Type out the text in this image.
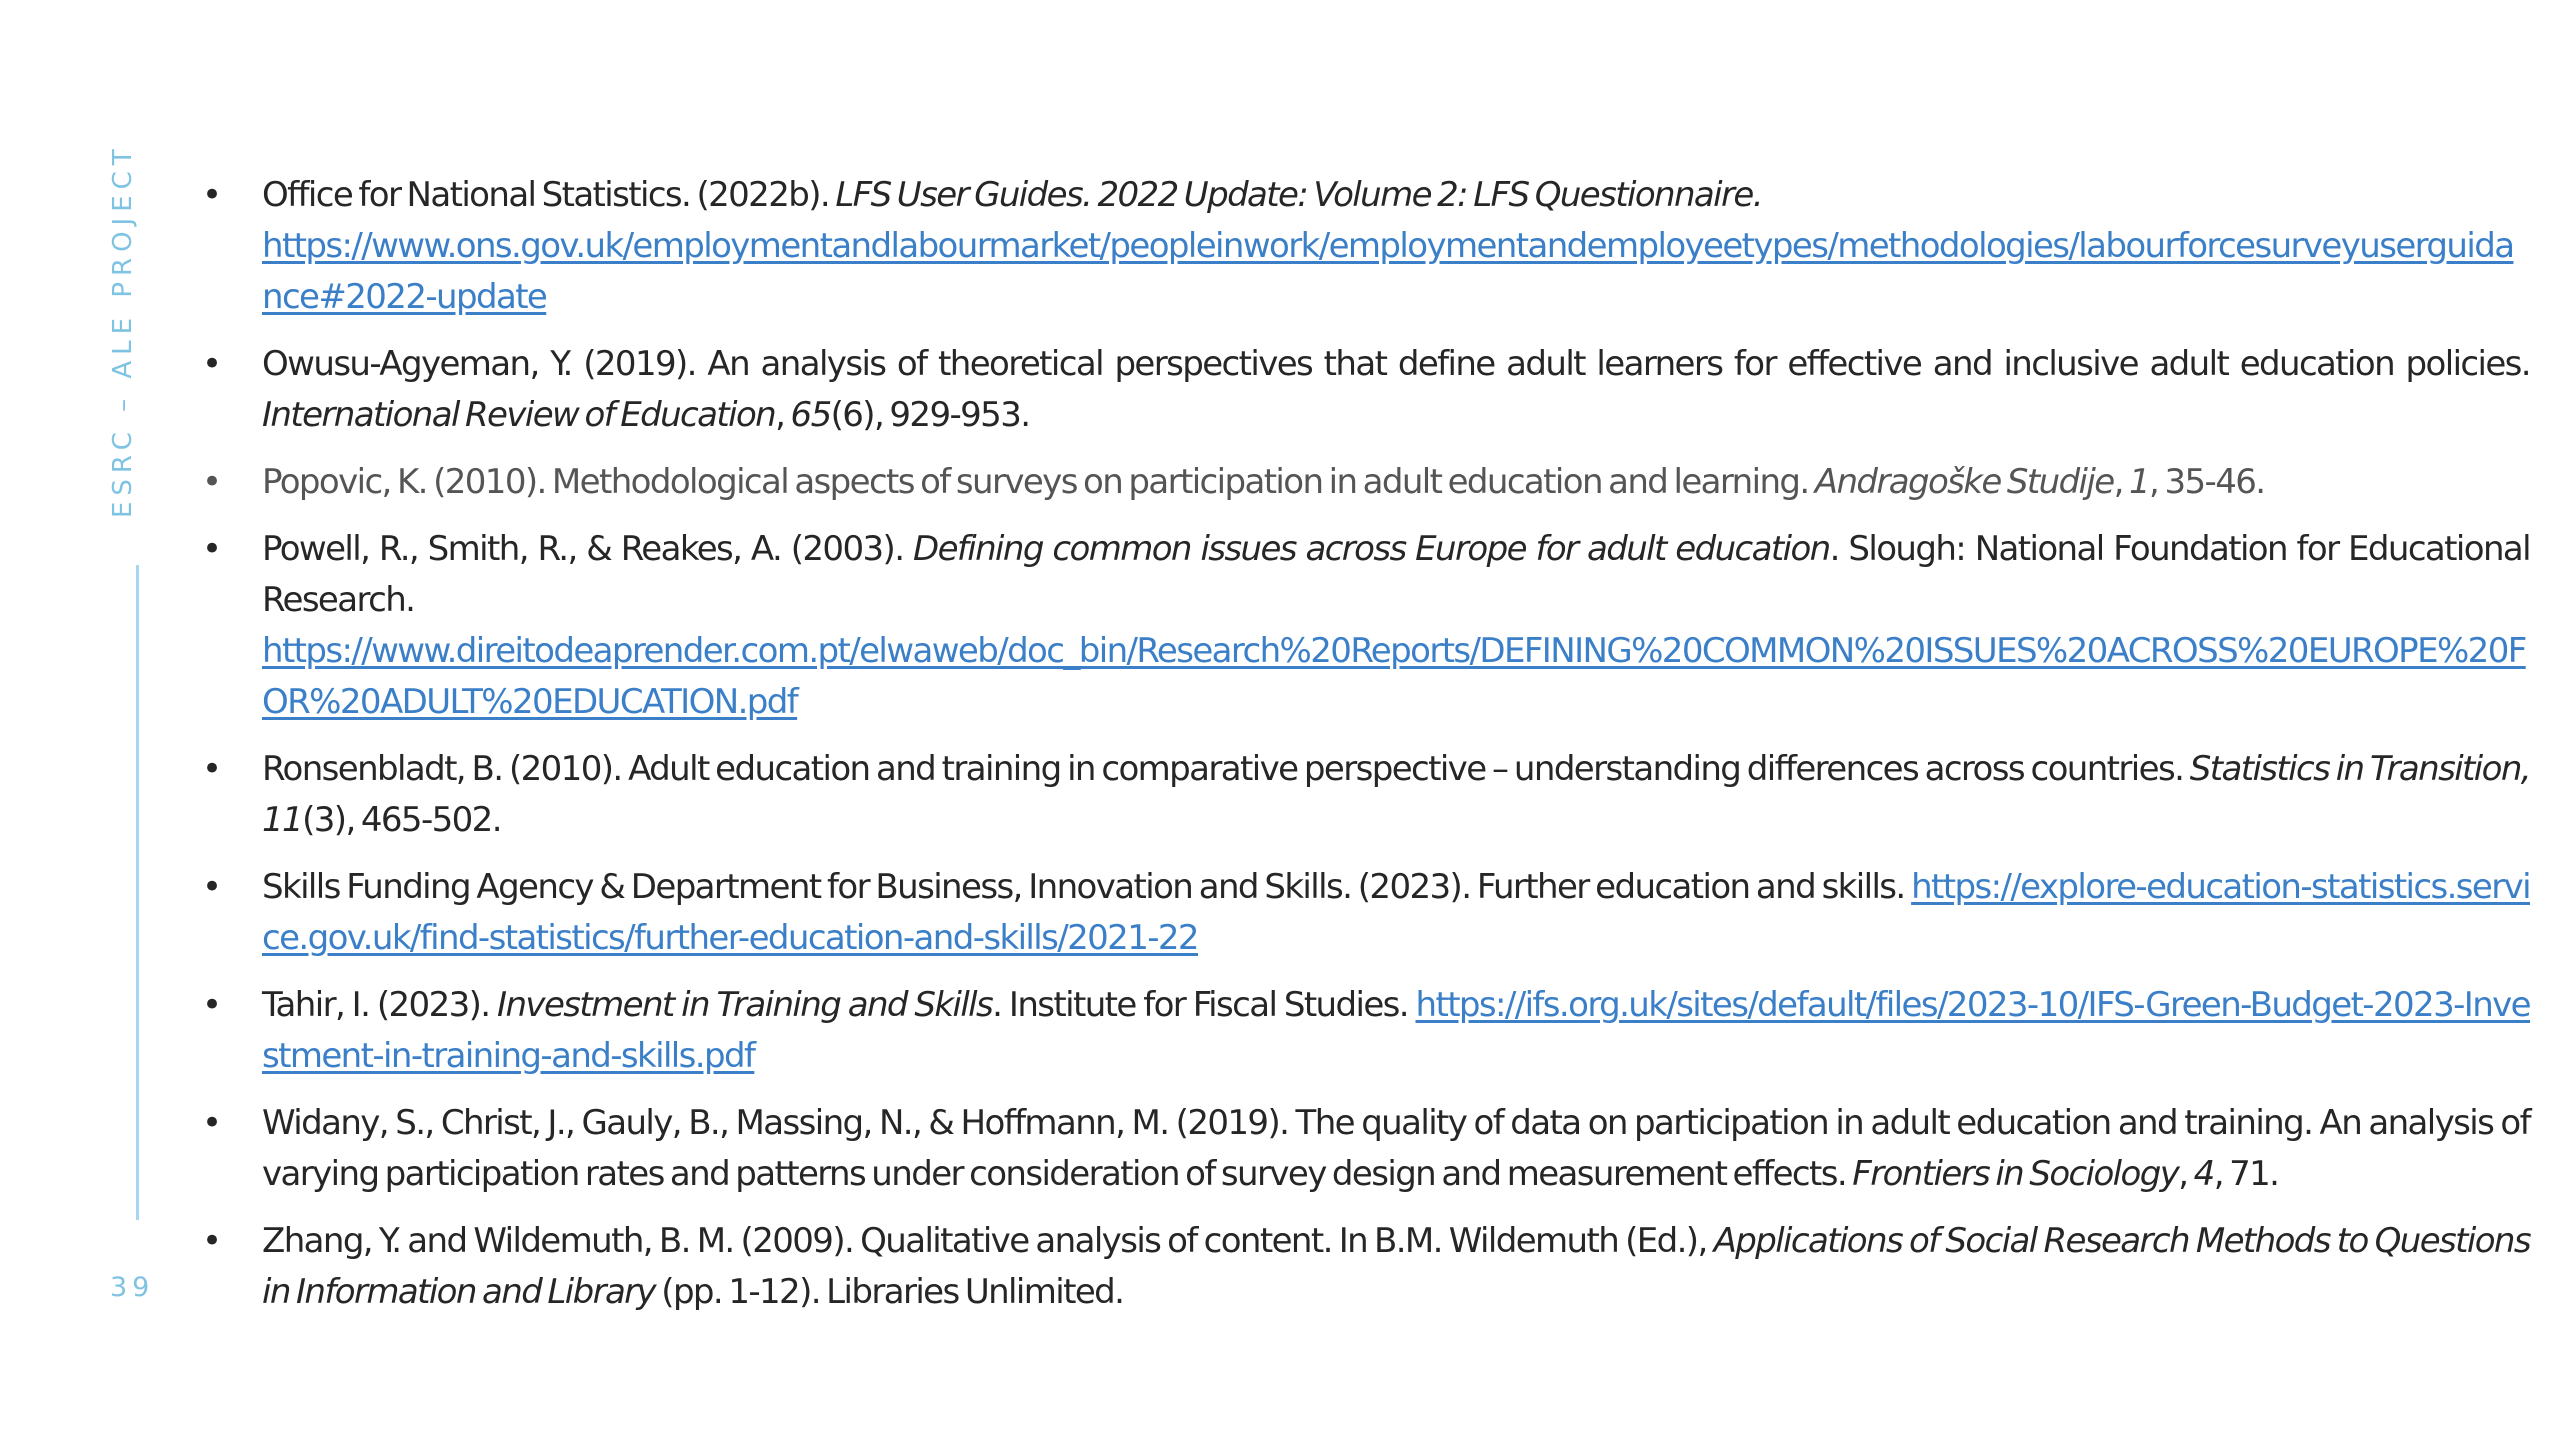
ESRC – ALE PROJECT
39
• Office for National Statistics. (2022b). LFS User Guides. 2022 Update: Volume 2: LFS Questionnaire.
https://www.ons.gov.uk/employmentandlabourmarket/peopleinwork/employmentandemployeetypes/methodologies/labourforcesurveyuserguidance#2022-update
• Owusu-Agyeman, Y. (2019). An analysis of theoretical perspectives that define adult learners for effective and inclusive adult education policies. International Review of Education, 65(6), 929-953.
• Popovic, K. (2010). Methodological aspects of surveys on participation in adult education and learning. Andragoške Studije, 1, 35-46.
• Powell, R., Smith, R., & Reakes, A. (2003). Defining common issues across Europe for adult education. Slough: National Foundation for Educational Research.
https://www.direitodeaprender.com.pt/elwaweb/doc_bin/Research%20Reports/DEFINING%20COMMON%20ISSUES%20ACROSS%20EUROPE%20FOR%20ADULT%20EDUCATION.pdf
• Ronsenbladt, B. (2010). Adult education and training in comparative perspective – understanding differences across countries. Statistics in Transition, 11(3), 465-502.
• Skills Funding Agency & Department for Business, Innovation and Skills. (2023). Further education and skills. https://explore-education-statistics.service.gov.uk/find-statistics/further-education-and-skills/2021-22
• Tahir, I. (2023). Investment in Training and Skills. Institute for Fiscal Studies. https://ifs.org.uk/sites/default/files/2023-10/IFS-Green-Budget-2023-Investment-in-training-and-skills.pdf
• Widany, S., Christ, J., Gauly, B., Massing, N., & Hoffmann, M. (2019). The quality of data on participation in adult education and training. An analysis of varying participation rates and patterns under consideration of survey design and measurement effects. Frontiers in Sociology, 4, 71.
• Zhang, Y. and Wildemuth, B. M. (2009). Qualitative analysis of content. In B.M. Wildemuth (Ed.), Applications of Social Research Methods to Questions in Information and Library (pp. 1-12). Libraries Unlimited.
